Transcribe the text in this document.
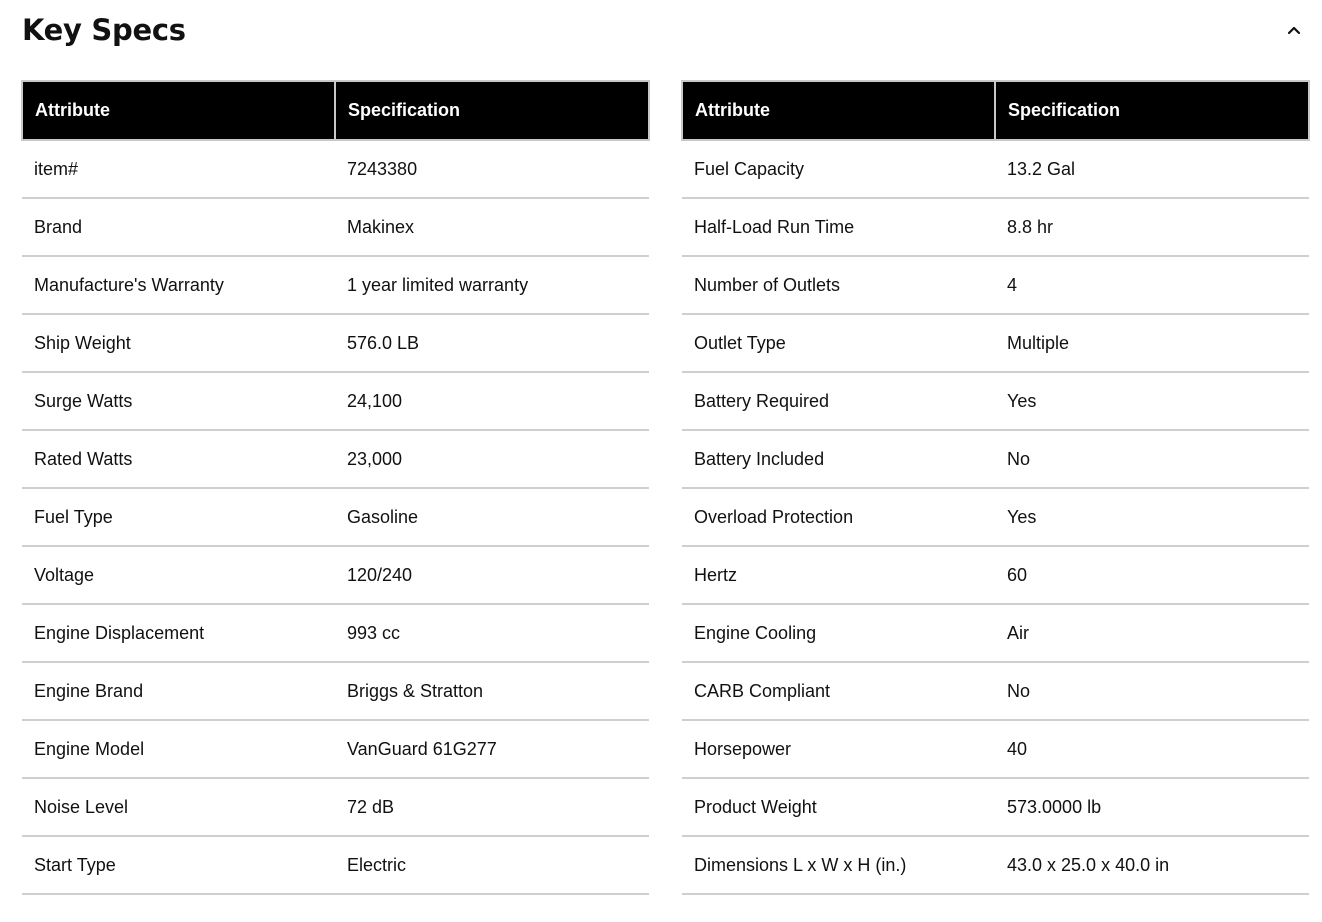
Key Specs
Attribute	Specification
item#	7243380
Brand	Makinex
Manufacture's Warranty	1 year limited warranty
Ship Weight	576.0 LB
Surge Watts	24,100
Rated Watts	23,000
Fuel Type	Gasoline
Voltage	120/240
Engine Displacement	993 cc
Engine Brand	Briggs & Stratton
Engine Model	VanGuard 61G277
Noise Level	72 dB
Start Type	Electric
Attribute	Specification
Fuel Capacity	13.2 Gal
Half-Load Run Time	8.8 hr
Number of Outlets	4
Outlet Type	Multiple
Battery Required	Yes
Battery Included	No
Overload Protection	Yes
Hertz	60
Engine Cooling	Air
CARB Compliant	No
Horsepower	40
Product Weight	573.0000 lb
Dimensions L x W x H (in.)	43.0 x 25.0 x 40.0 in
